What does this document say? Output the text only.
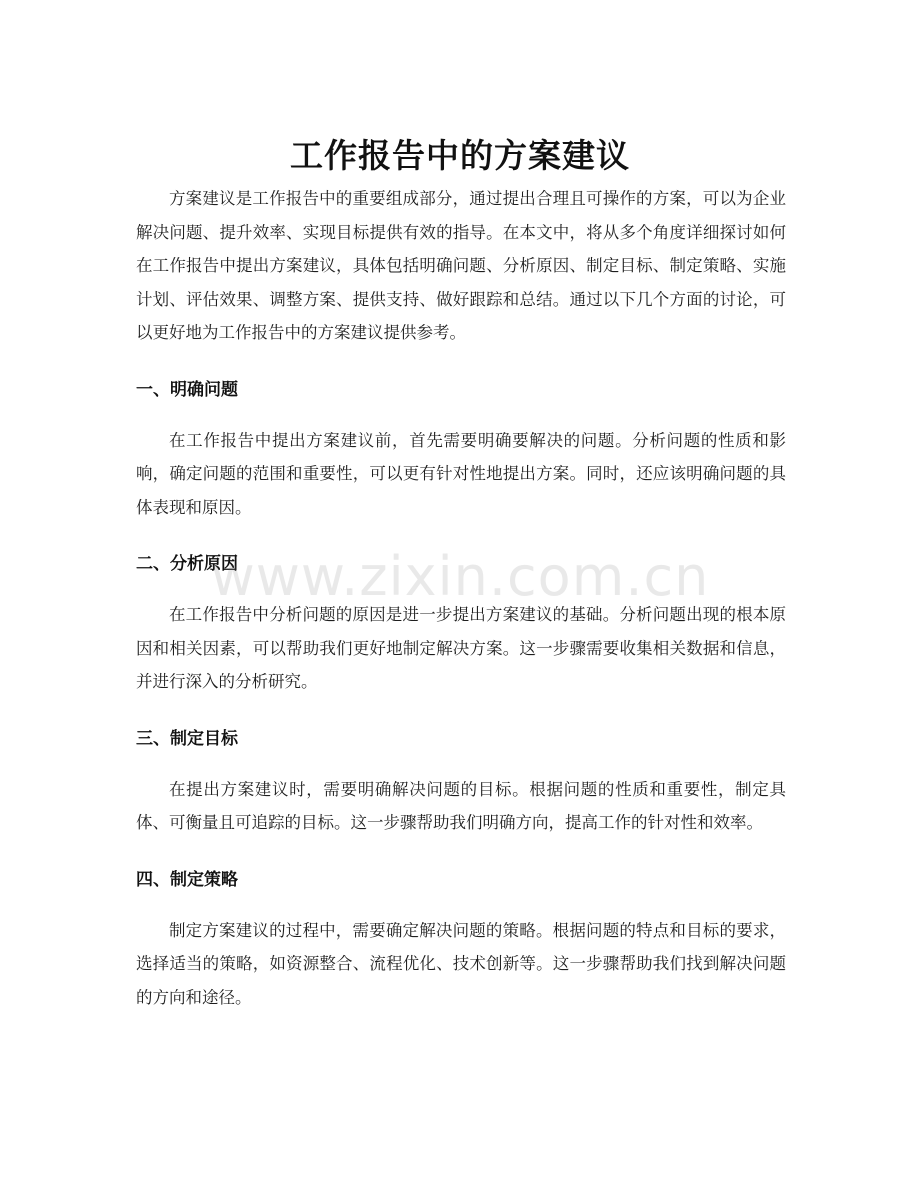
工作报告中的方案建议

方案建议是工作报告中的重要组成部分，通过提出合理且可操作的方案，可以为企业解决问题、提升效率、实现目标提供有效的指导。在本文中，将从多个角度详细探讨如何在工作报告中提出方案建议，具体包括明确问题、分析原因、制定目标、制定策略、实施计划、评估效果、调整方案、提供支持、做好跟踪和总结。通过以下几个方面的讨论，可以更好地为工作报告中的方案建议提供参考。

一、明确问题

在工作报告中提出方案建议前，首先需要明确要解决的问题。分析问题的性质和影响，确定问题的范围和重要性，可以更有针对性地提出方案。同时，还应该明确问题的具体表现和原因。

二、分析原因

在工作报告中分析问题的原因是进一步提出方案建议的基础。分析问题出现的根本原因和相关因素，可以帮助我们更好地制定解决方案。这一步骤需要收集相关数据和信息，并进行深入的分析研究。

三、制定目标

在提出方案建议时，需要明确解决问题的目标。根据问题的性质和重要性，制定具体、可衡量且可追踪的目标。这一步骤帮助我们明确方向，提高工作的针对性和效率。

四、制定策略

制定方案建议的过程中，需要确定解决问题的策略。根据问题的特点和目标的要求，选择适当的策略，如资源整合、流程优化、技术创新等。这一步骤帮助我们找到解决问题的方向和途径。

www.zixin.com.cn
